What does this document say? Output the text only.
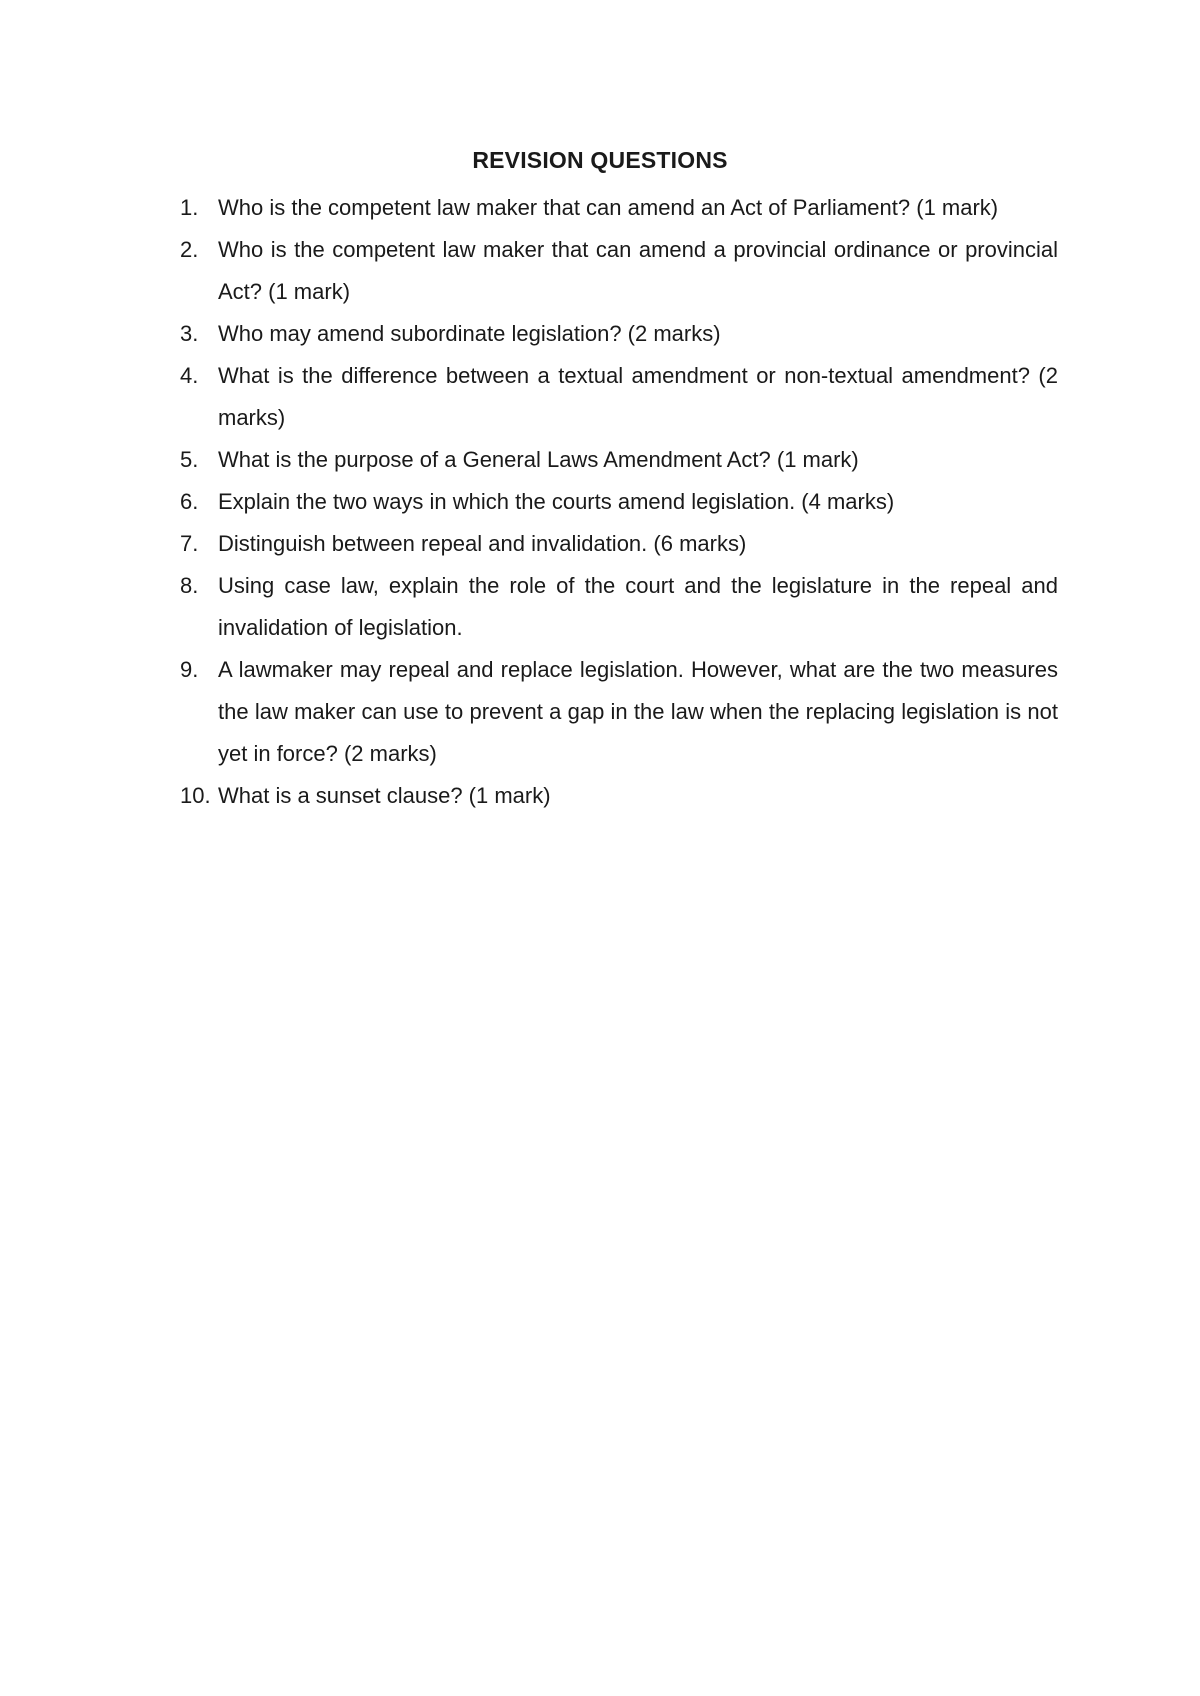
REVISION QUESTIONS
1. Who is the competent law maker that can amend an Act of Parliament? (1 mark)
2. Who is the competent law maker that can amend a provincial ordinance or provincial Act? (1 mark)
3. Who may amend subordinate legislation? (2 marks)
4. What is the difference between a textual amendment or non-textual amendment? (2 marks)
5. What is the purpose of a General Laws Amendment Act? (1 mark)
6. Explain the two ways in which the courts amend legislation. (4 marks)
7. Distinguish between repeal and invalidation. (6 marks)
8. Using case law, explain the role of the court and the legislature in the repeal and invalidation of legislation.
9. A lawmaker may repeal and replace legislation. However, what are the two measures the law maker can use to prevent a gap in the law when the replacing legislation is not yet in force? (2 marks)
10. What is a sunset clause? (1 mark)
